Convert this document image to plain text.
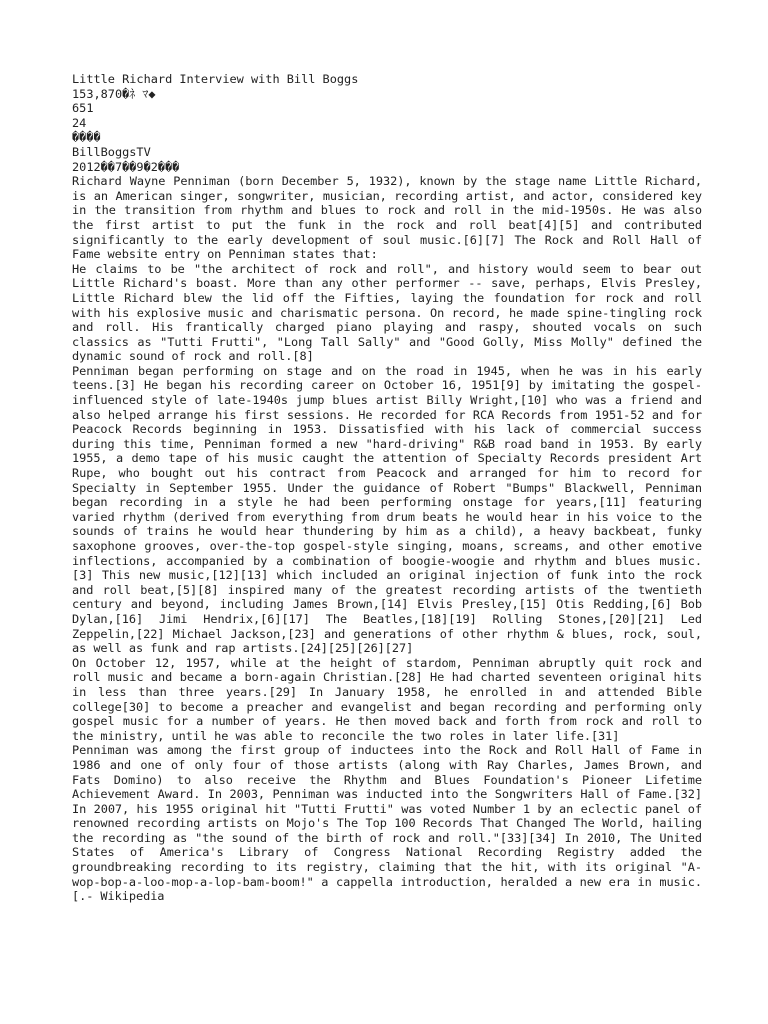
Little Richard Interview with Bill Boggs
153,870�ﾈ ﾏ◆
651
24
����
BillBoggsTV
2012��7��9�2���
Richard Wayne Penniman (born December 5, 1932), known by the stage name Little Richard, is an American singer, songwriter, musician, recording artist, and actor, considered key in the transition from rhythm and blues to rock and roll in the mid-1950s. He was also the first artist to put the funk in the rock and roll beat[4][5] and contributed significantly to the early development of soul music.[6][7] The Rock and Roll Hall of Fame website entry on Penniman states that:
He claims to be "the architect of rock and roll", and history would seem to bear out Little Richard's boast. More than any other performer -- save, perhaps, Elvis Presley, Little Richard blew the lid off the Fifties, laying the foundation for rock and roll with his explosive music and charismatic persona. On record, he made spine-tingling rock and roll. His frantically charged piano playing and raspy, shouted vocals on such classics as "Tutti Frutti", "Long Tall Sally" and "Good Golly, Miss Molly" defined the dynamic sound of rock and roll.[8]
Penniman began performing on stage and on the road in 1945, when he was in his early teens.[3] He began his recording career on October 16, 1951[9] by imitating the gospel-influenced style of late-1940s jump blues artist Billy Wright,[10] who was a friend and also helped arrange his first sessions. He recorded for RCA Records from 1951-52 and for Peacock Records beginning in 1953. Dissatisfied with his lack of commercial success during this time, Penniman formed a new "hard-driving" R&B road band in 1953. By early 1955, a demo tape of his music caught the attention of Specialty Records president Art Rupe, who bought out his contract from Peacock and arranged for him to record for Specialty in September 1955. Under the guidance of Robert "Bumps" Blackwell, Penniman began recording in a style he had been performing onstage for years,[11] featuring varied rhythm (derived from everything from drum beats he would hear in his voice to the sounds of trains he would hear thundering by him as a child), a heavy backbeat, funky saxophone grooves, over-the-top gospel-style singing, moans, screams, and other emotive inflections, accompanied by a combination of boogie-woogie and rhythm and blues music.[3] This new music,[12][13] which included an original injection of funk into the rock and roll beat,[5][8] inspired many of the greatest recording artists of the twentieth century and beyond, including James Brown,[14] Elvis Presley,[15] Otis Redding,[6] Bob Dylan,[16] Jimi Hendrix,[6][17] The Beatles,[18][19] Rolling Stones,[20][21] Led Zeppelin,[22] Michael Jackson,[23] and generations of other rhythm & blues, rock, soul, as well as funk and rap artists.[24][25][26][27]
On October 12, 1957, while at the height of stardom, Penniman abruptly quit rock and roll music and became a born-again Christian.[28] He had charted seventeen original hits in less than three years.[29] In January 1958, he enrolled in and attended Bible college[30] to become a preacher and evangelist and began recording and performing only gospel music for a number of years. He then moved back and forth from rock and roll to the ministry, until he was able to reconcile the two roles in later life.[31]
Penniman was among the first group of inductees into the Rock and Roll Hall of Fame in 1986 and one of only four of those artists (along with Ray Charles, James Brown, and Fats Domino) to also receive the Rhythm and Blues Foundation's Pioneer Lifetime Achievement Award. In 2003, Penniman was inducted into the Songwriters Hall of Fame.[32] In 2007, his 1955 original hit "Tutti Frutti" was voted Number 1 by an eclectic panel of renowned recording artists on Mojo's The Top 100 Records That Changed The World, hailing the recording as "the sound of the birth of rock and roll."[33][34] In 2010, The United States of America's Library of Congress National Recording Registry added the groundbreaking recording to its registry, claiming that the hit, with its original "A-wop-bop-a-loo-mop-a-lop-bam-boom!" a cappella introduction, heralded a new era in music.[.- Wikipedia
